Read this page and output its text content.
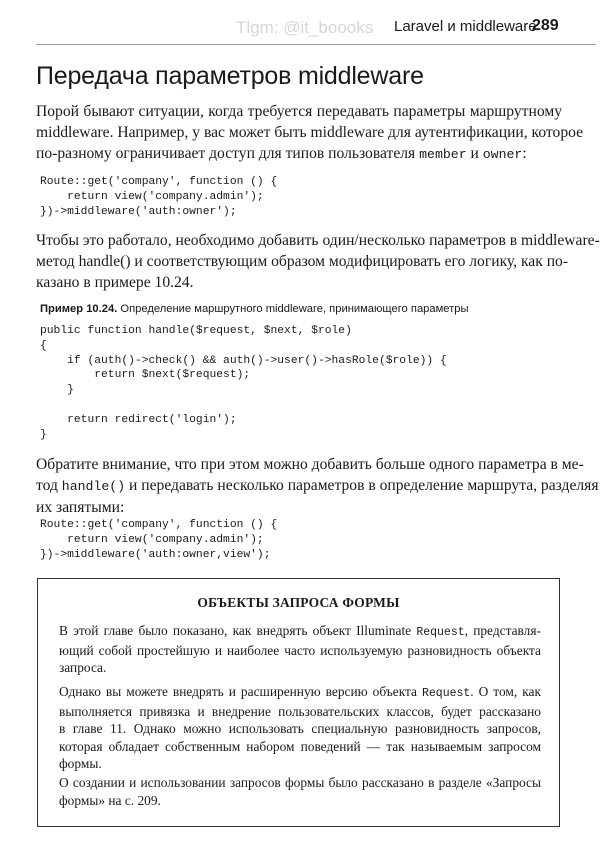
Tlgm: @it_boooks Laravel и middleware
289
Передача параметров middleware

Порой бывают ситуации, когда требуется передавать параметры маршрутному
middleware. Например, у вас может быть middleware для аутентификации, которое
по-разному ограничивает доступ для типов пользователя member и owner:

Route::get('company', function () {
return view('company.admin');
})->middleware('auth:owner');

Чтобы это работало, необходимо добавить один/несколько параметров в middleware-
метод handle() и соответствующим образом модифицировать его логику, как по-
казано в примере 10.24.

Пример 10.24. Определение маршрутного middleware, принимающего параметры
public function handle($request, $next, $role)
{
if (auth()->check() && auth()->user()->hasRole($role)) {
return $next($request);
}

return redirect('login');
}

Обратите внимание, что при этом можно добавить больше одного параметра в ме-
тод handle() и передавать несколько параметров в определение маршрута, разделяя
их запятыми:

Route::get('company', function () {
return view('company.admin');
})->middleware('auth:owner,view');
ОБЪЕКТЫ ЗАПРОСА ФОРМЫ

В этой главе было показано, как внедрять объект Illuminate Request, представля-
ющий собой простейшую и наиболее часто используемую разновидность объекта
запроса.

Однако вы можете внедрять и расширенную версию объекта Request. О том, как
выполняется привязка и внедрение пользовательских классов, будет рассказано
в главе 11. Однако можно использовать специальную разновидность запросов,
которая обладает собственным набором поведений — так называемым запросом
формы.

О создании и использовании запросов формы было рассказано в разделе «Запросы
формы» на с. 209.
